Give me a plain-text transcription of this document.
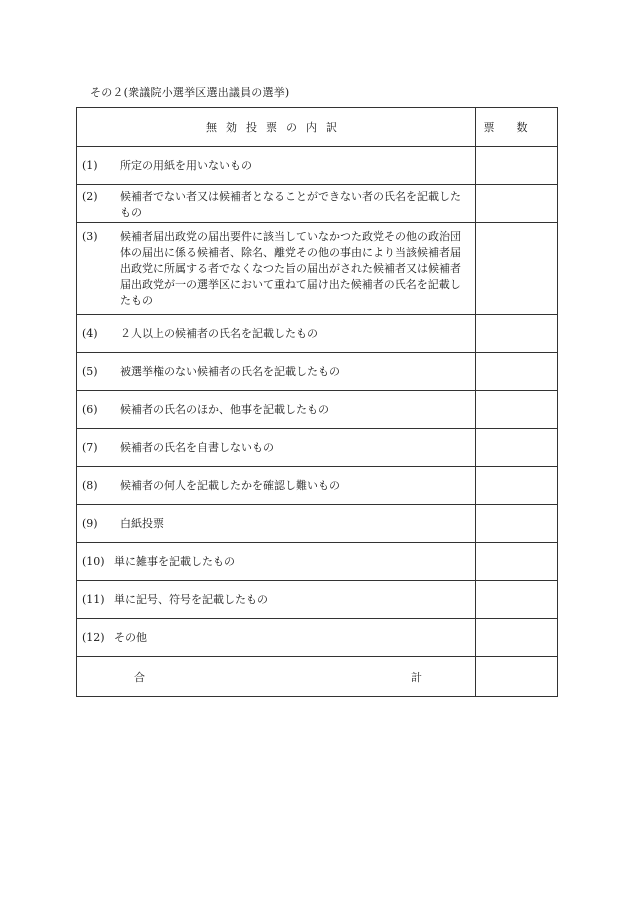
その２(衆議院小選挙区選出議員の選挙)
無効投票の内訳	票数

(1) 所定の用紙を用いないもの	

(2) 候補者でない者又は候補者となることができない者の氏名を記載したもの	

(3) 候補者届出政党の届出要件に該当していなかつた政党その他の政治団体の届出に係る候補者、除名、離党その他の事由により当該候補者届出政党に所属する者でなくなつた旨の届出がされた候補者又は候補者届出政党が一の選挙区において重ねて届け出た候補者の氏名を記載したもの	

(4) ２人以上の候補者の氏名を記載したもの	

(5) 被選挙権のない候補者の氏名を記載したもの	

(6) 候補者の氏名のほか、他事を記載したもの	

(7) 候補者の氏名を自書しないもの	

(8) 候補者の何人を記載したかを確認し難いもの	

(9) 白紙投票	

(10) 単に雑事を記載したもの	

(11) 単に記号、符号を記載したもの	

(12) その他	

合 計	
